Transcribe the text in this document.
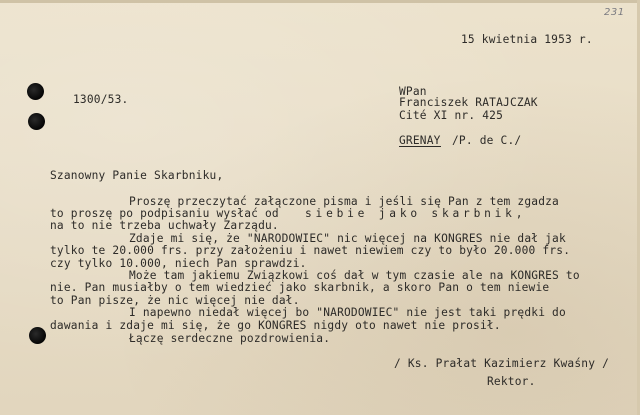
231
15 kwietnia 1953 r.
1300/53.
WPan
Franciszek RATAJCZAK
Cité XI nr. 425
GRENAY /P. de C./
Szanowny Panie Skarbniku,
Proszę przeczytać załączone pisma i jeśli się Pan z tem zgadza
to proszę po podpisaniu wysłać od siebie jako skarbnik,
na to nie trzeba uchwały Zarządu.
Zdaje mi się, że "NARODOWIEC" nic więcej na KONGRES nie dał jak
tylko te 20.000 frs. przy założeniu i nawet niewiem czy to było 20.000 frs.
czy tylko 10.000, niech Pan sprawdzi.
Może tam jakiemu Związkowi coś dał w tym czasie ale na KONGRES to
nie. Pan musiałby o tem wiedzieć jako skarbnik, a skoro Pan o tem niewie
to Pan pisze, że nic więcej nie dał.
I napewno niedał więcej bo "NARODOWIEC" nie jest taki prędki do
dawania i zdaje mi się, że go KONGRES nigdy oto nawet nie prosił.
Łączę serdeczne pozdrowienia.
/ Ks. Prałat Kazimierz Kwaśny /
Rektor.
